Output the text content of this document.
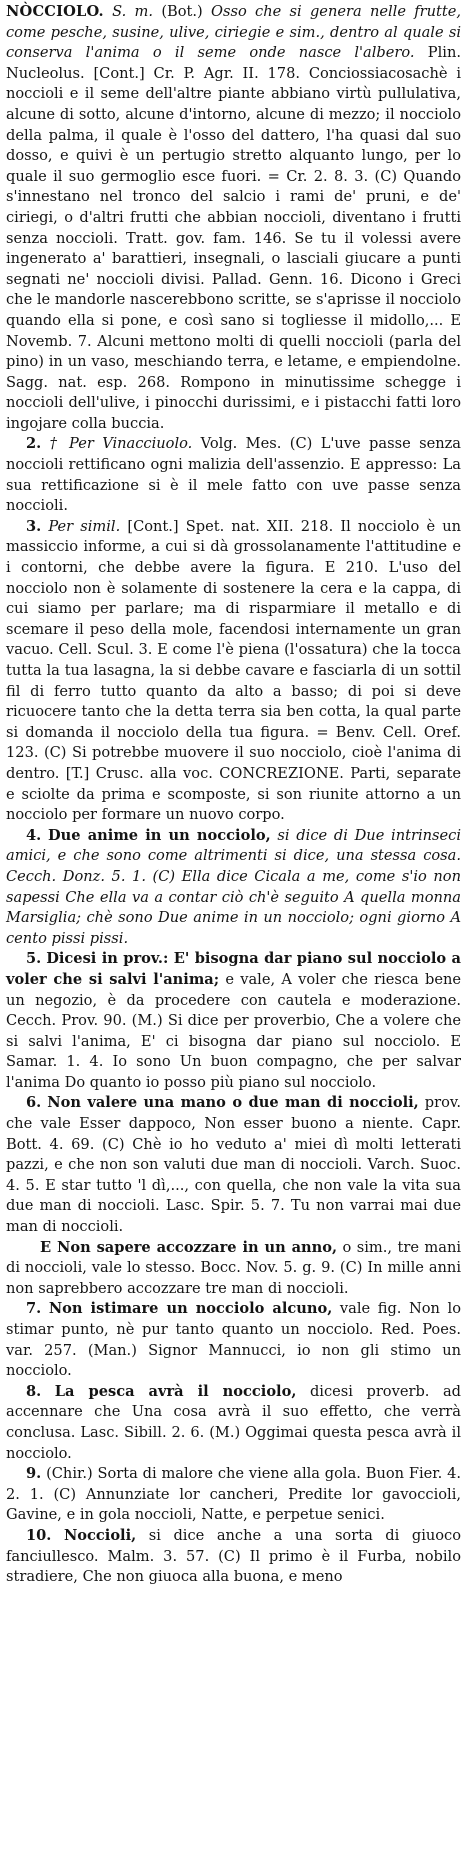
NÒCCIOLO. S. m. (Bot.) Osso che si genera nelle frutte, come pesche, susine, ulive, ciriegie e sim., dentro al quale si conserva l'anima o il seme onde nasce l'albero. Plin. Nucleolus. [Cont.] Cr. P. Agr. II. 178. Conciossiacosachè i noccioli e il seme dell'altre piante abbiano virtù pullulativa, alcune di sotto, alcune d'intorno, alcune di mezzo; il nocciolo della palma, il quale è l'osso del dattero, l'ha quasi dal suo dosso, e quivi è un pertugio stretto alquanto lungo, per lo quale il suo germoglio esce fuori. = Cr. 2. 8. 3. (C) Quando s'innestano nel tronco del salcio i rami de' pruni, e de' ciriegi, o d'altri frutti che abbian noccioli, diventano i frutti senza noccioli. Tratt. gov. fam. 146. Se tu il volessi avere ingenerato a' barattieri, insegnali, o lasciali giucare a punti segnati ne' noccioli divisi. Pallad. Genn. 16. Dicono i Greci che le mandorle nascerebbono scritte, se s'aprisse il nocciolo quando ella si pone, e così sano si togliesse il midollo,... E Novemb. 7. Alcuni mettono molti di quelli noccioli (parla del pino) in un vaso, meschiando terra, e letame, e empiendolne. Sagg. nat. esp. 268. Rompono in minutissime schegge i noccioli dell'ulive, i pinocchi durissimi, e i pistacchi fatti loro ingojare colla buccia.

2. † Per Vinacciuolo. Volg. Mes. (C) L'uve passe senza noccioli rettificano ogni malizia dell'assenzio. E appresso: La sua rettificazione si è il mele fatto con uve passe senza noccioli.

3. Per simil. [Cont.] Spet. nat. XII. 218. Il nocciolo è un massiccio informe, a cui si dà grossolanamente l'attitudine e i contorni, che debbe avere la figura. E 210. L'uso del nocciolo non è solamente di sostenere la cera e la cappa, di cui siamo per parlare; ma di risparmiare il metallo e di scemare il peso della mole, facendosi internamente un gran vacuo. Cell. Scul. 3. E come l'è piena (l'ossatura) che la tocca tutta la tua lasagna, la si debbe cavare e fasciarla di un sottil fil di ferro tutto quanto da alto a basso; di poi si deve ricuocere tanto che la detta terra sia ben cotta, la qual parte si domanda il nocciolo della tua figura. = Benv. Cell. Oref. 123. (C) Si potrebbe muovere il suo nocciolo, cioè l'anima di dentro. [T.] Crusc. alla voc. CONCREZIONE. Parti, separate e sciolte da prima e scomposte, si son riunite attorno a un nocciolo per formare un nuovo corpo.

4. Due anime in un nocciolo, si dice di Due intrinseci amici, e che sono come altrimenti si dice, una stessa cosa. Cecch. Donz. 5. 1. (C) Ella dice Cicala a me, come s'io non sapessi Che ella va a contar ciò ch'è seguito A quella monna Marsiglia; chè sono Due anime in un nocciolo; ogni giorno A cento pissi pissi.

5. Dicesi in prov.: E' bisogna dar piano sul nocciolo a voler che si salvi l'anima; e vale, A voler che riesca bene un negozio, è da procedere con cautela e moderazione. Cecch. Prov. 90. (M.) Si dice per proverbio, Che a volere che si salvi l'anima, E' ci bisogna dar piano sul nocciolo. E Samar. 1. 4. Io sono Un buon compagno, che per salvar l'anima Do quanto io posso più piano sul nocciolo.

6. Non valere una mano o due man di noccioli, prov. che vale Esser dappoco, Non esser buono a niente. Capr. Bott. 4. 69. (C) Chè io ho veduto a' miei dì molti letterati pazzi, e che non son valuti due man di noccioli. Varch. Suoc. 4. 5. E star tutto 'l dì,..., con quella, che non vale la vita sua due man di noccioli. Lasc. Spir. 5. 7. Tu non varrai mai due man di noccioli.

E Non sapere accozzare in un anno, o sim., tre mani di noccioli, vale lo stesso. Bocc. Nov. 5. g. 9. (C) In mille anni non saprebbero accozzare tre man di noccioli.

7. Non istimare un nocciolo alcuno, vale fig. Non lo stimar punto, nè pur tanto quanto un nocciolo. Red. Poes. var. 257. (Man.) Signor Mannucci, io non gli stimo un nocciolo.

8. La pesca avrà il nocciolo, dicesi proverb. ad accennare che Una cosa avrà il suo effetto, che verrà conclusa. Lasc. Sibill. 2. 6. (M.) Oggimai questa pesca avrà il nocciolo.

9. (Chir.) Sorta di malore che viene alla gola. Buon Fier. 4. 2. 1. (C) Annunziate lor cancheri, Predite lor gavoccioli, Gavine, e in gola noccioli, Natte, e perpetue senici.

10. Noccioli, si dice anche a una sorta di giuoco fanciullesco. Malm. 3. 57. (C) Il primo è il Furba, nobilo stradiere, Che non giuoca alla buona, e meno
